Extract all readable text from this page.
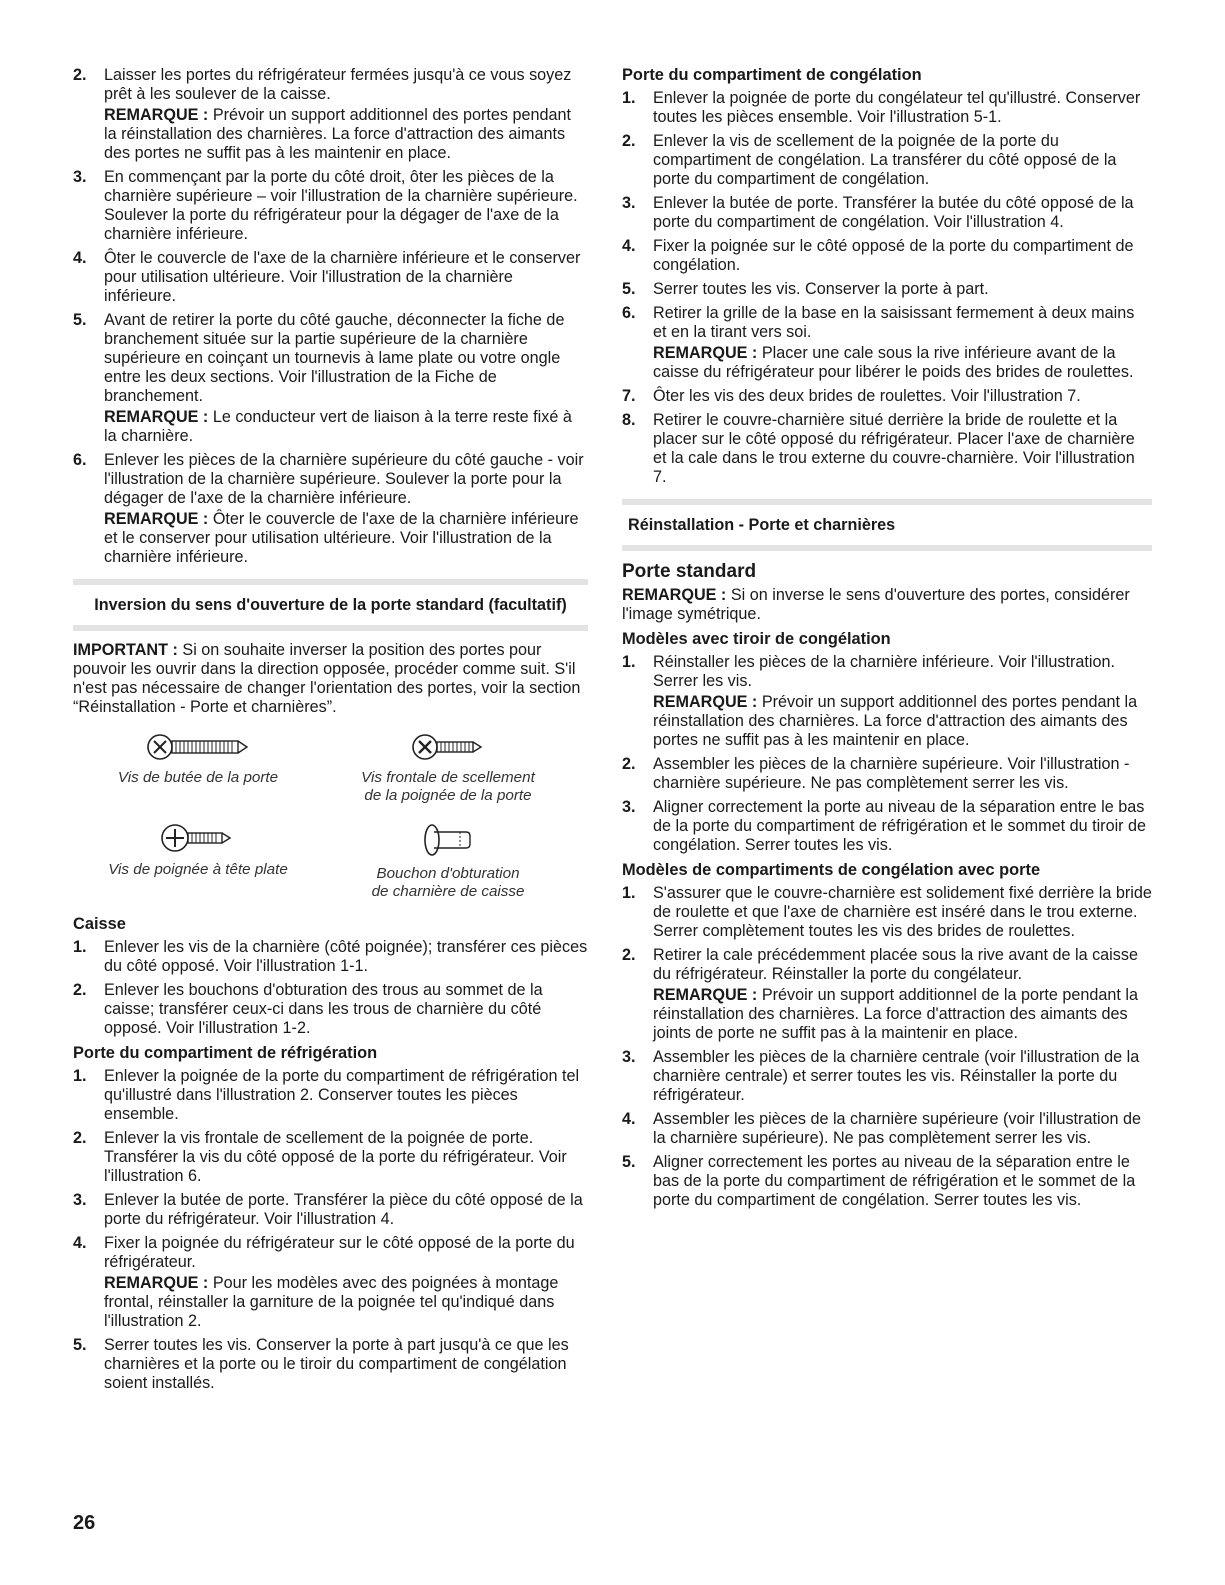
2. Laisser les portes du réfrigérateur fermées jusqu'à ce vous soyez prêt à les soulever de la caisse.
REMARQUE : Prévoir un support additionnel des portes pendant la réinstallation des charnières. La force d'attraction des aimants des portes ne suffit pas à les maintenir en place.
3. En commençant par la porte du côté droit, ôter les pièces de la charnière supérieure – voir l'illustration de la charnière supérieure. Soulever la porte du réfrigérateur pour la dégager de l'axe de la charnière inférieure.
4. Ôter le couvercle de l'axe de la charnière inférieure et le conserver pour utilisation ultérieure. Voir l'illustration de la charnière inférieure.
5. Avant de retirer la porte du côté gauche, déconnecter la fiche de branchement située sur la partie supérieure de la charnière supérieure en coinçant un tournevis à lame plate ou votre ongle entre les deux sections. Voir l'illustration de la Fiche de branchement.
REMARQUE : Le conducteur vert de liaison à la terre reste fixé à la charnière.
6. Enlever les pièces de la charnière supérieure du côté gauche - voir l'illustration de la charnière supérieure. Soulever la porte pour la dégager de l'axe de la charnière inférieure.
REMARQUE : Ôter le couvercle de l'axe de la charnière inférieure et le conserver pour utilisation ultérieure. Voir l'illustration de la charnière inférieure.
Inversion du sens d'ouverture de la porte standard (facultatif)

IMPORTANT : Si on souhaite inverser la position des portes pour pouvoir les ouvrir dans la direction opposée, procéder comme suit. S'il n'est pas nécessaire de changer l'orientation des portes, voir la section “Réinstallation - Porte et charnières”.

Vis de butée de la porte	Vis frontale de scellement
de la poignée de la porte
Vis de poignée à tête plate	Bouchon d'obturation
de charnière de caisse
Caisse
1. Enlever les vis de la charnière (côté poignée); transférer ces pièces du côté opposé. Voir l'illustration 1-1.
2. Enlever les bouchons d'obturation des trous au sommet de la caisse; transférer ceux-ci dans les trous de charnière du côté opposé. Voir l'illustration 1-2.
Porte du compartiment de réfrigération
1. Enlever la poignée de la porte du compartiment de réfrigération tel qu'illustré dans l'illustration 2. Conserver toutes les pièces ensemble.
2. Enlever la vis frontale de scellement de la poignée de porte. Transférer la vis du côté opposé de la porte du réfrigérateur. Voir l'illustration 6.
3. Enlever la butée de porte. Transférer la pièce du côté opposé de la porte du réfrigérateur. Voir l'illustration 4.
4. Fixer la poignée du réfrigérateur sur le côté opposé de la porte du réfrigérateur.
REMARQUE : Pour les modèles avec des poignées à montage frontal, réinstaller la garniture de la poignée tel qu'indiqué dans l'illustration 2.
5. Serrer toutes les vis. Conserver la porte à part jusqu'à ce que les charnières et la porte ou le tiroir du compartiment de congélation soient installés.
Porte du compartiment de congélation
1. Enlever la poignée de porte du congélateur tel qu'illustré. Conserver toutes les pièces ensemble. Voir l'illustration 5-1.
2. Enlever la vis de scellement de la poignée de la porte du compartiment de congélation. La transférer du côté opposé de la porte du compartiment de congélation.
3. Enlever la butée de porte. Transférer la butée du côté opposé de la porte du compartiment de congélation. Voir l'illustration 4.
4. Fixer la poignée sur le côté opposé de la porte du compartiment de congélation.
5. Serrer toutes les vis. Conserver la porte à part.
6. Retirer la grille de la base en la saisissant fermement à deux mains et en la tirant vers soi.
REMARQUE : Placer une cale sous la rive inférieure avant de la caisse du réfrigérateur pour libérer le poids des brides de roulettes.
7. Ôter les vis des deux brides de roulettes. Voir l'illustration 7.
8. Retirer le couvre-charnière situé derrière la bride de roulette et la placer sur le côté opposé du réfrigérateur. Placer l'axe de charnière et la cale dans le trou externe du couvre-charnière. Voir l'illustration 7.
Réinstallation - Porte et charnières
Porte standard

REMARQUE : Si on inverse le sens d'ouverture des portes, considérer l'image symétrique.

Modèles avec tiroir de congélation
1. Réinstaller les pièces de la charnière inférieure. Voir l'illustration. Serrer les vis.
REMARQUE : Prévoir un support additionnel des portes pendant la réinstallation des charnières. La force d'attraction des aimants des portes ne suffit pas à les maintenir en place.
2. Assembler les pièces de la charnière supérieure. Voir l'illustration - charnière supérieure. Ne pas complètement serrer les vis.
3. Aligner correctement la porte au niveau de la séparation entre le bas de la porte du compartiment de réfrigération et le sommet du tiroir de congélation. Serrer toutes les vis.
Modèles de compartiments de congélation avec porte
1. S'assurer que le couvre-charnière est solidement fixé derrière la bride de roulette et que l'axe de charnière est inséré dans le trou externe. Serrer complètement toutes les vis des brides de roulettes.
2. Retirer la cale précédemment placée sous la rive avant de la caisse du réfrigérateur. Réinstaller la porte du congélateur.
REMARQUE : Prévoir un support additionnel de la porte pendant la réinstallation des charnières. La force d'attraction des aimants des joints de porte ne suffit pas à la maintenir en place.
3. Assembler les pièces de la charnière centrale (voir l'illustration de la charnière centrale) et serrer toutes les vis. Réinstaller la porte du réfrigérateur.
4. Assembler les pièces de la charnière supérieure (voir l'illustration de la charnière supérieure). Ne pas complètement serrer les vis.
5. Aligner correctement les portes au niveau de la séparation entre le bas de la porte du compartiment de réfrigération et le sommet de la porte du compartiment de congélation. Serrer toutes les vis.
26
